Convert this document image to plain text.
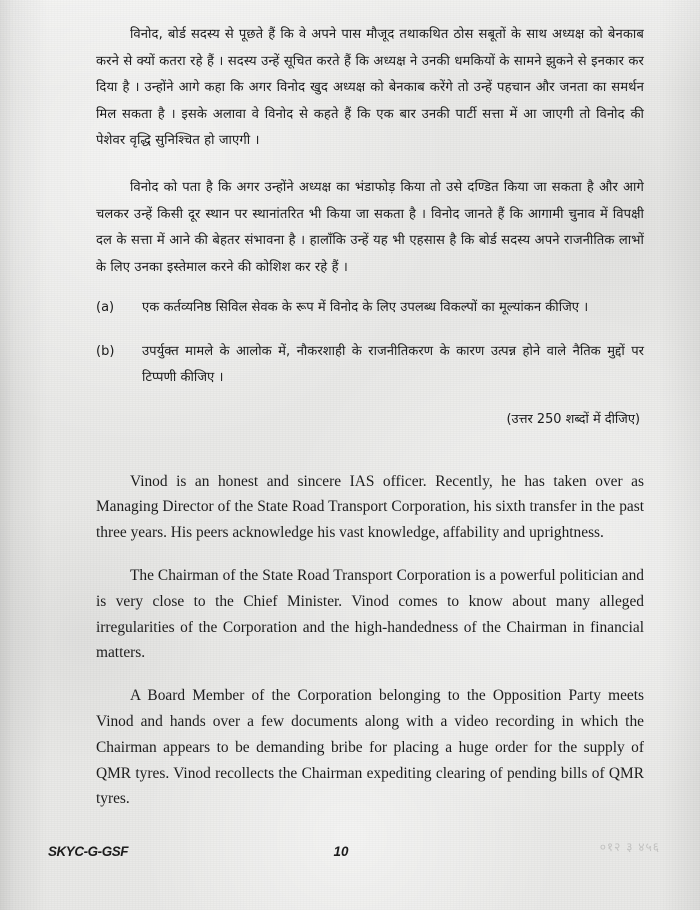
विनोद, बोर्ड सदस्य से पूछते हैं कि वे अपने पास मौजूद तथाकथित ठोस सबूतों के साथ अध्यक्ष को बेनकाब करने से क्यों कतरा रहे हैं । सदस्य उन्हें सूचित करते हैं कि अध्यक्ष ने उनकी धमकियों के सामने झुकने से इनकार कर दिया है । उन्होंने आगे कहा कि अगर विनोद खुद अध्यक्ष को बेनकाब करेंगे तो उन्हें पहचान और जनता का समर्थन मिल सकता है । इसके अलावा वे विनोद से कहते हैं कि एक बार उनकी पार्टी सत्ता में आ जाएगी तो विनोद की पेशेवर वृद्धि सुनिश्चित हो जाएगी ।

विनोद को पता है कि अगर उन्होंने अध्यक्ष का भंडाफोड़ किया तो उसे दण्डित किया जा सकता है और आगे चलकर उन्हें किसी दूर स्थान पर स्थानांतरित भी किया जा सकता है । विनोद जानते हैं कि आगामी चुनाव में विपक्षी दल के सत्ता में आने की बेहतर संभावना है । हालाँकि उन्हें यह भी एहसास है कि बोर्ड सदस्य अपने राजनीतिक लाभों के लिए उनका इस्तेमाल करने की कोशिश कर रहे हैं ।

(a)	एक कर्तव्यनिष्ठ सिविल सेवक के रूप में विनोद के लिए उपलब्ध विकल्पों का मूल्यांकन कीजिए ।
(b)	उपर्युक्त मामले के आलोक में, नौकरशाही के राजनीतिकरण के कारण उत्पन्न होने वाले नैतिक मुद्दों पर टिप्पणी कीजिए ।
(उत्तर 250 शब्दों में दीजिए)

Vinod is an honest and sincere IAS officer. Recently, he has taken over as Managing Director of the State Road Transport Corporation, his sixth transfer in the past three years. His peers acknowledge his vast knowledge, affability and uprightness.

The Chairman of the State Road Transport Corporation is a powerful politician and is very close to the Chief Minister. Vinod comes to know about many alleged irregularities of the Corporation and the high-handedness of the Chairman in financial matters.

A Board Member of the Corporation belonging to the Opposition Party meets Vinod and hands over a few documents along with a video recording in which the Chairman appears to be demanding bribe for placing a huge order for the supply of QMR tyres. Vinod recollects the Chairman expediting clearing of pending bills of QMR tyres.

SKYC-G-GSF	10	०१२ ३ ४५६
